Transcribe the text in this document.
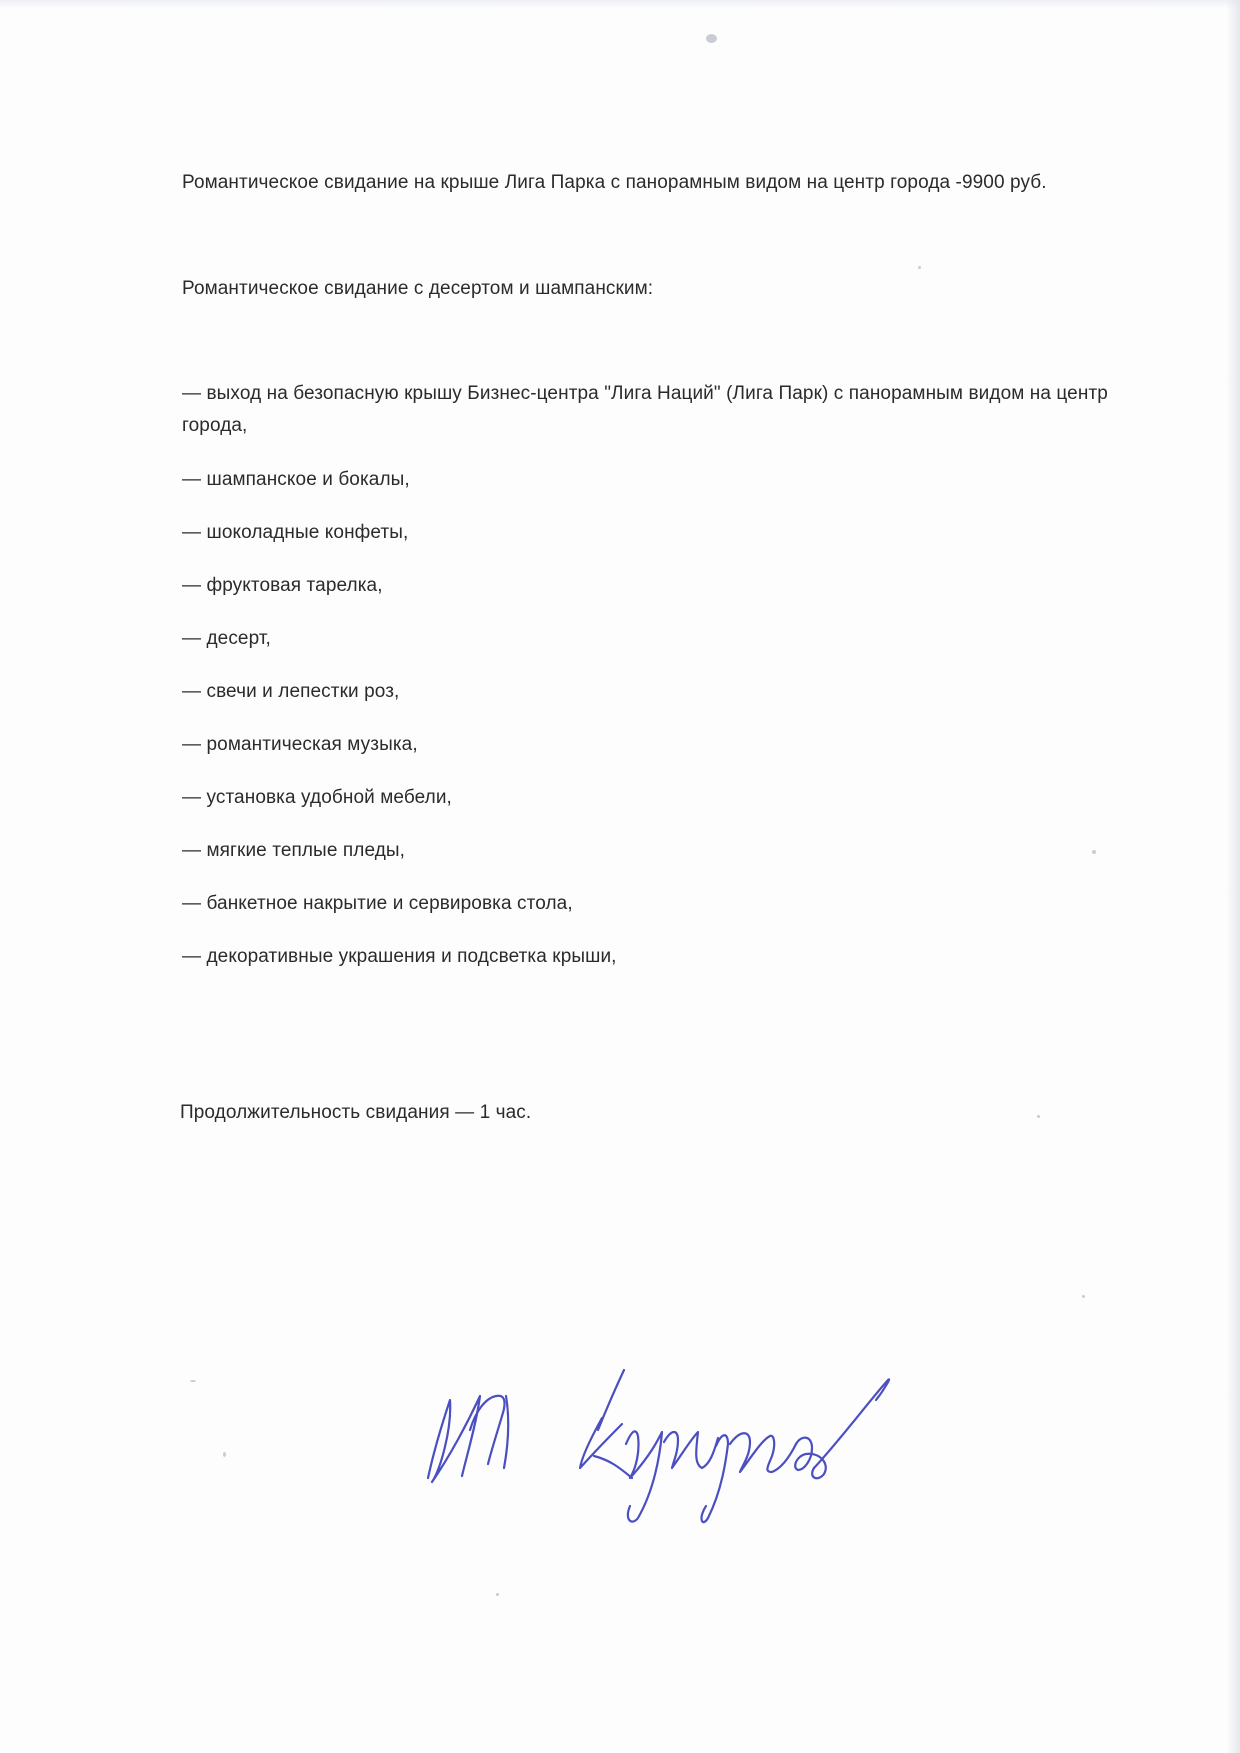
Романтическое свидание на крыше Лига Парка с панорамным видом на центр города -9900 руб.
Романтическое свидание с десертом и шампанским:
— выход на безопасную крышу Бизнес-центра "Лига Наций" (Лига Парк) с панорамным видом на центр города,
— шампанское и бокалы,
— шоколадные конфеты,
— фруктовая тарелка,
— десерт,
— свечи и лепестки роз,
— романтическая музыка,
— установка удобной мебели,
— мягкие теплые пледы,
— банкетное накрытие и сервировка стола,
— декоративные украшения и подсветка крыши,
Продолжительность свидания — 1 час.
